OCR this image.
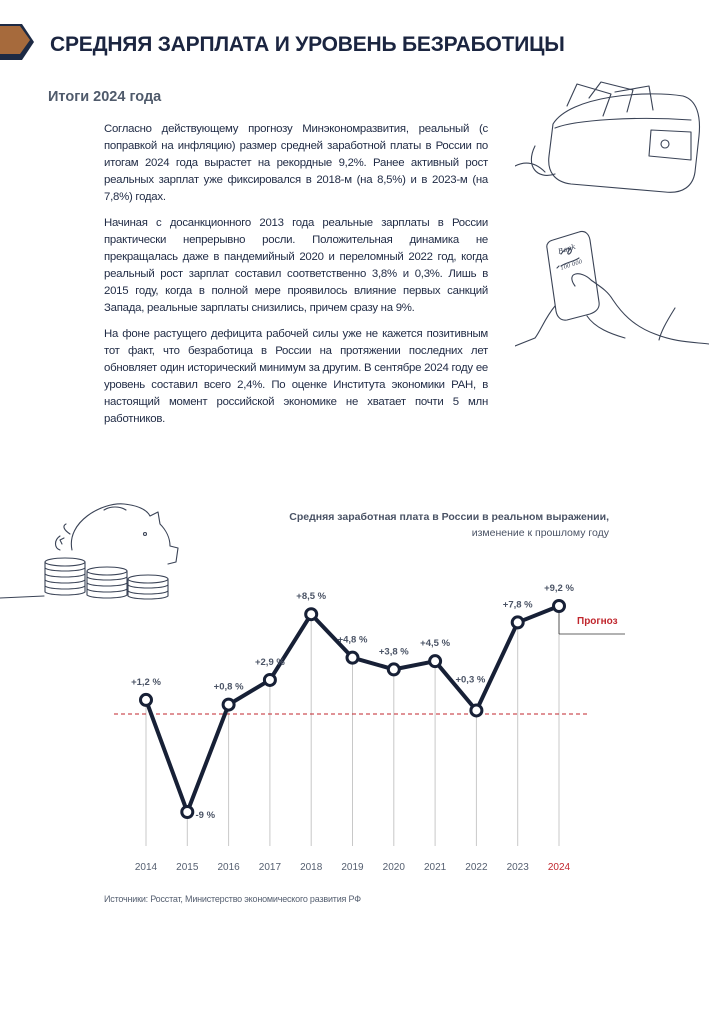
СРЕДНЯЯ ЗАРПЛАТА И УРОВЕНЬ БЕЗРАБОТИЦЫ
Итоги 2024 года

Согласно действующему прогнозу Минэкономразвития, реальный (с поправкой на инфляцию) размер средней заработной платы в России по итогам 2024 года вырастет на рекордные 9,2%. Ранее активный рост реальных зарплат уже фиксировался в 2018-м (на 8,5%) и в 2023-м (на 7,8%) годах.

Начиная с досанкционного 2013 года реальные зарплаты в России практически непрерывно росли. Положительная динамика не прекращалась даже в пандемийный 2020 и переломный 2022 год, когда реальный рост зарплат составил соответственно 3,8% и 0,3%. Лишь в 2015 году, когда в полной мере проявилось влияние первых санкций Запада, реальные зарплаты снизились, причем сразу на 9%.

На фоне растущего дефицита рабочей силы уже не кажется позитивным тот факт, что безработица в России на протяжении последних лет обновляет один исторический минимум за другим. В сентябре 2024 году ее уровень составил всего 2,4%. По оценке Института экономики РАН, в настоящий момент российской экономике не хватает почти 5 млн работников.

Bank
100 000
Средняя заработная плата в России в реальном выражении,
изменение к прошлому году
Прогноз
+1,2 %
-9 %
+0,8 %
+2,9 %
+8,5 %
+4,8 %
+3,8 %
+4,5 %
+0,3 %
+7,8 %
+9,2 %
2014 2015 2016 2017 2018 2019 2020 2021 2022 2023 2024
Источники: Росстат, Министерство экономического развития РФ
